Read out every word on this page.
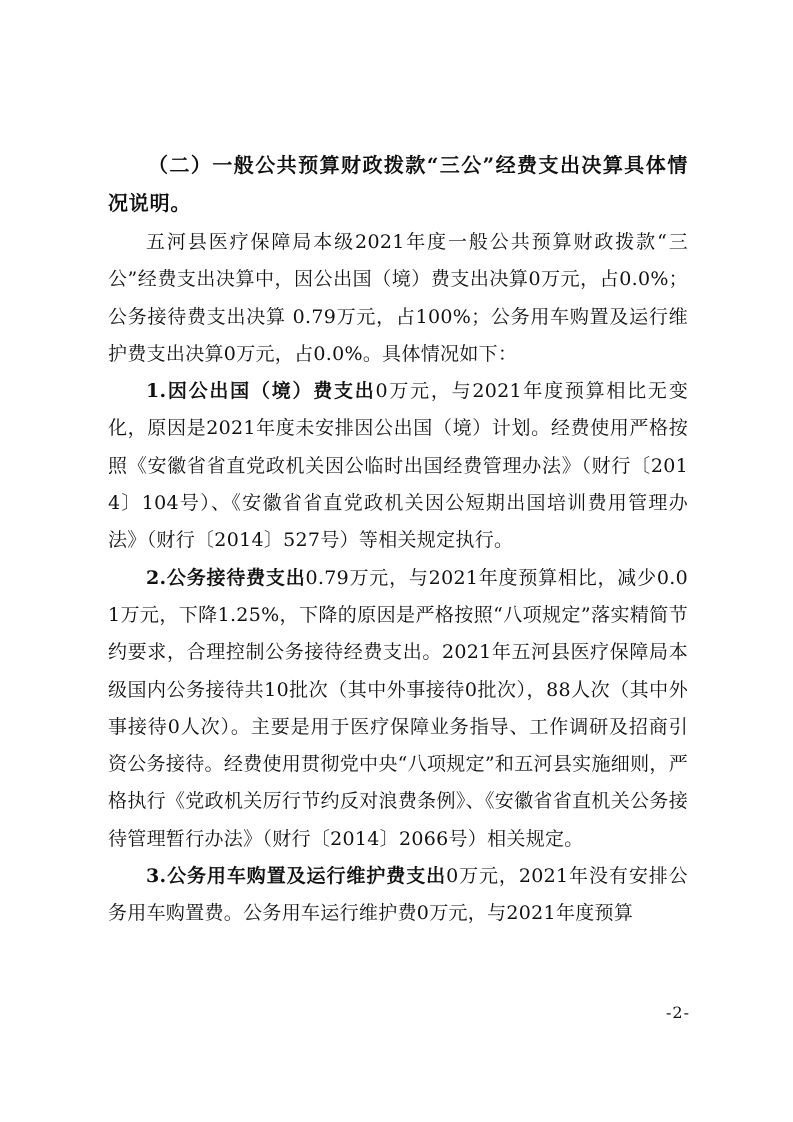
（二）一般公共预算财政拨款“三公”经费支出决算具体情况说明。

五河县医疗保障局本级2021年度一般公共预算财政拨款“三公”经费支出决算中，因公出国（境）费支出决算0万元，占0.0%；公务接待费支出决算 0.79万元，占100%；公务用车购置及运行维护费支出决算0万元，占0.0%。具体情况如下：

1.因公出国（境）费支出0万元，与2021年度预算相比无变化，原因是2021年度未安排因公出国（境）计划。经费使用严格按照《安徽省省直党政机关因公临时出国经费管理办法》（财行〔2014〕104号）、《安徽省省直党政机关因公短期出国培训费用管理办法》（财行〔2014〕527号）等相关规定执行。

2.公务接待费支出0.79万元，与2021年度预算相比，减少0.01万元，下降1.25%，下降的原因是严格按照“八项规定”落实精简节约要求，合理控制公务接待经费支出。2021年五河县医疗保障局本级国内公务接待共10批次（其中外事接待0批次），88人次（其中外事接待0人次）。主要是用于医疗保障业务指导、工作调研及招商引资公务接待。经费使用贯彻党中央“八项规定”和五河县实施细则，严格执行《党政机关厉行节约反对浪费条例》、《安徽省省直机关公务接待管理暂行办法》（财行〔2014〕2066号）相关规定。

3.公务用车购置及运行维护费支出0万元，2021年没有安排公务用车购置费。公务用车运行维护费0万元，与2021年度预算

-2-
